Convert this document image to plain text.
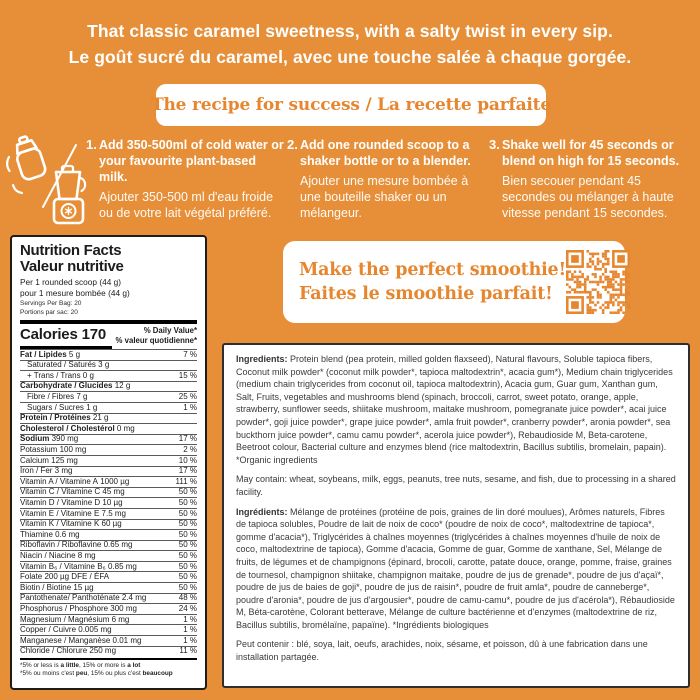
That classic caramel sweetness, with a salty twist in every sip.
Le goût sucré du caramel, avec une touche salée à chaque gorgée.
The recipe for success / La recette parfaite
1. Add 350-500ml of cold water or your favourite plant-based milk.

Ajouter 350-500 ml d'eau froide ou de votre lait végétal préféré.

2. Add one rounded scoop to a shaker bottle or to a blender.

Ajouter une mesure bombée à une bouteille shaker ou un mélangeur.

3. Shake well for 45 seconds or blend on high for 15 seconds.

Bien secouer pendant 45 secondes ou mélanger à haute vitesse pendant 15 secondes.

Nutrition Facts
Valeur nutritive
Per 1 rounded scoop (44 g)
pour 1 mesure bombée (44 g)
Servings Per Bag: 20
Portions par sac: 20
Calories 170	% Daily Value*
% valeur quotidienne*
Fat / Lipides 5 g	7 %
Saturated / Saturés 3 g
+ Trans / Trans 0 g	15 %
Carbohydrate / Glucides 12 g
Fibre / Fibres 7 g	25 %
Sugars / Sucres 1 g	1 %
Protein / Protéines 21 g
Cholesterol / Cholestérol 0 mg
Sodium 390 mg	17 %
Potassium 100 mg	2 %
Calcium 125 mg	10 %
Iron / Fer 3 mg	17 %
Vitamin A / Vitamine A 1000 µg	111 %
Vitamin C / Vitamine C 45 mg	50 %
Vitamin D / Vitamine D 10 µg	50 %
Vitamin E / Vitamine E 7.5 mg	50 %
Vitamin K / Vitamine K 60 µg	50 %
Thiamine 0.6 mg	50 %
Riboflavin / Riboflavine 0.65 mg	50 %
Niacin / Niacine 8 mg	50 %
Vitamin B₆ / Vitamine B₆ 0.85 mg	50 %
Folate 200 µg DFE / ÉFA	50 %
Biotin / Biotine 15 µg	50 %
Pantothenate/ Panthoténate 2.4 mg	48 %
Phosphorus / Phosphore 300 mg	24 %
Magnesium / Magnésium 6 mg	1 %
Copper / Cuivre 0.005 mg	1 %
Manganese / Manganèse 0.01 mg	1 %
Chloride / Chlorure 250 mg	11 %
*5% or less is a little, 15% or more is a lot
*5% ou moins c'est peu, 15% ou plus c'est beaucoup
Make the perfect smoothie!
Faites le smoothie parfait!

Ingredients: Protein blend (pea protein, milled golden flaxseed), Natural flavours, Soluble tapioca fibers, Coconut milk powder* (coconut milk powder*, tapioca maltodextrin*, acacia gum*), Medium chain triglycerides (medium chain triglycerides from coconut oil, tapioca maltodextrin), Acacia gum, Guar gum, Xanthan gum, Salt, Fruits, vegetables and mushrooms blend (spinach, broccoli, carrot, sweet potato, orange, apple, strawberry, sunflower seeds, shiitake mushroom, maitake mushroom, pomegranate juice powder*, acai juice powder*, goji juice powder*, grape juice powder*, amla fruit powder*, cranberry powder*, aronia powder*, sea buckthorn juice powder*, camu camu powder*, acerola juice powder*), Rebaudioside M, Beta-carotene, Beetroot colour, Bacterial culture and enzymes blend (rice maltodextrin, Bacillus subtilis, bromelain, papain). *Organic ingredients

May contain: wheat, soybeans, milk, eggs, peanuts, tree nuts, sesame, and fish, due to processing in a shared facility.

Ingrédients: Mélange de protéines (protéine de pois, graines de lin doré moulues), Arômes naturels, Fibres de tapioca solubles, Poudre de lait de noix de coco* (poudre de noix de coco*, maltodextrine de tapioca*, gomme d'acacia*), Triglycérides à chaînes moyennes (triglycérides à chaînes moyennes d'huile de noix de coco, maltodextrine de tapioca), Gomme d'acacia, Gomme de guar, Gomme de xanthane, Sel, Mélange de fruits, de légumes et de champignons (épinard, brocoli, carotte, patate douce, orange, pomme, fraise, graines de tournesol, champignon shiitake, champignon maitake, poudre de jus de grenade*, poudre de jus d'açaï*, poudre de jus de baies de goji*, poudre de jus de raisin*, poudre de fruit amla*, poudre de canneberge*, poudre d'aronia*, poudre de jus d'argousier*, poudre de camu-camu*, poudre de jus d'acérola*), Rébaudioside M, Béta-carotène, Colorant betterave, Mélange de culture bactérienne et d'enzymes (maltodextrine de riz, Bacillus subtilis, bromélaïne, papaïne). *Ingrédients biologiques

Peut contenir : blé, soya, lait, oeufs, arachides, noix, sésame, et poisson, dû à une fabrication dans une installation partagée.
